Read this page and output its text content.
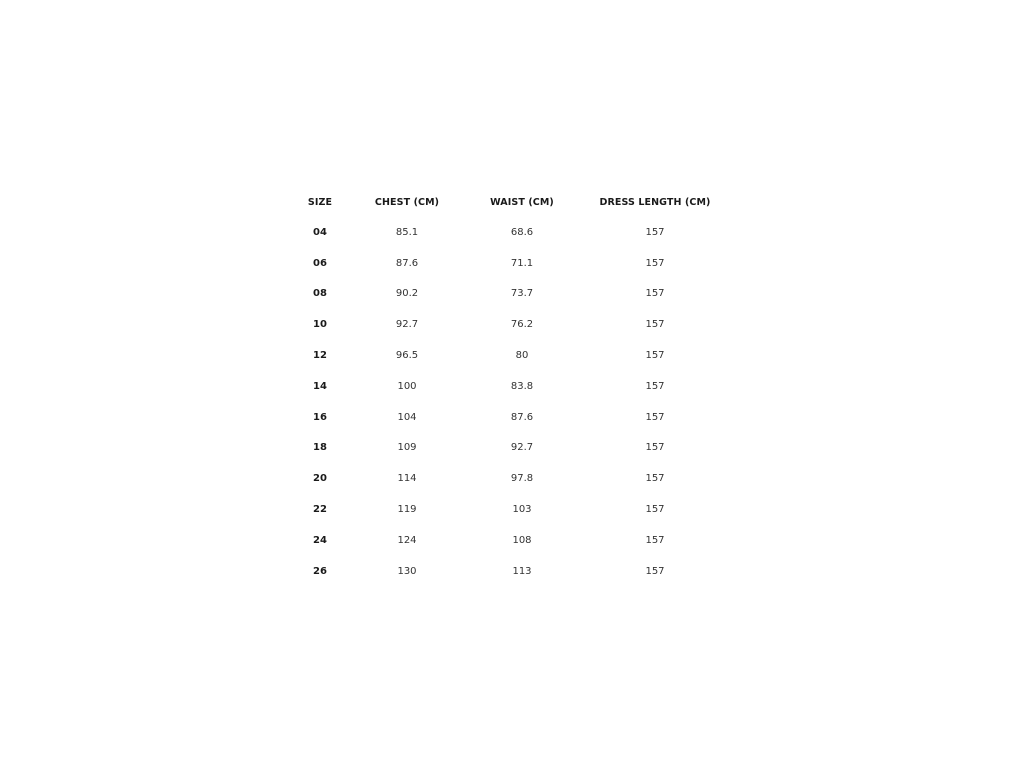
SIZE	CHEST (CM)	WAIST (CM)	DRESS LENGTH (CM)
04	85.1	68.6	157
06	87.6	71.1	157
08	90.2	73.7	157
10	92.7	76.2	157
12	96.5	80	157
14	100	83.8	157
16	104	87.6	157
18	109	92.7	157
20	114	97.8	157
22	119	103	157
24	124	108	157
26	130	113	157
